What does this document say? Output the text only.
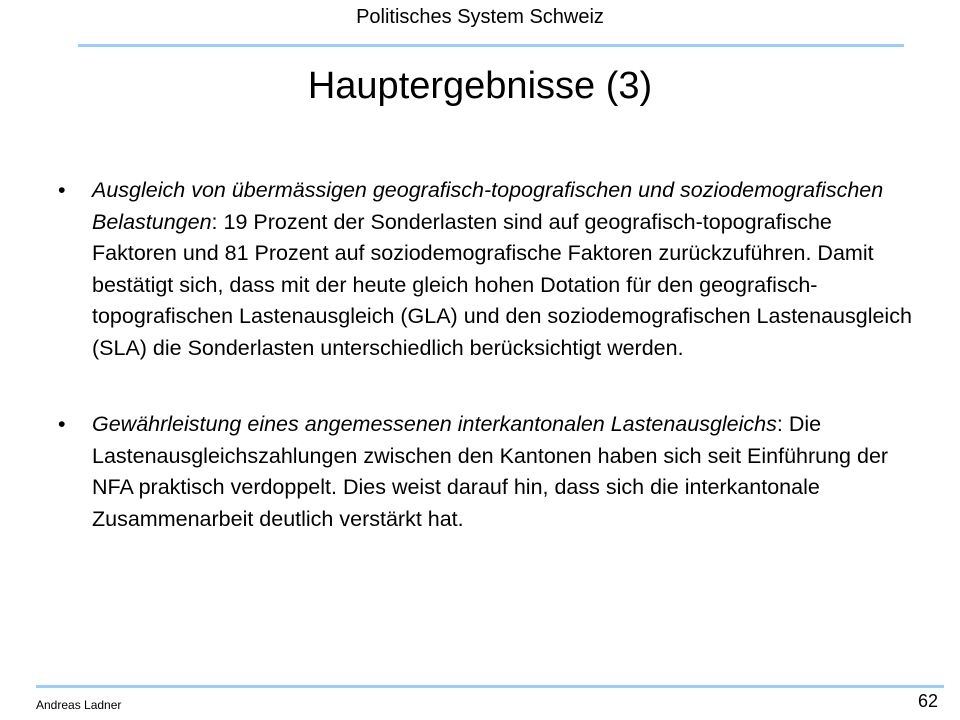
Politisches System Schweiz
Hauptergebnisse (3)
• Ausgleich von übermässigen geografisch-topografischen und soziodemografischen Belastungen: 19 Prozent der Sonderlasten sind auf geografisch-topografische Faktoren und 81 Prozent auf soziodemografische Faktoren zurückzuführen. Damit bestätigt sich, dass mit der heute gleich hohen Dotation für den geografisch-topografischen Lastenausgleich (GLA) und den soziodemografischen Lastenausgleich (SLA) die Sonderlasten unterschiedlich berücksichtigt werden.
• Gewährleistung eines angemessenen interkantonalen Lastenausgleichs: Die Lastenausgleichszahlungen zwischen den Kantonen haben sich seit Einführung der NFA praktisch verdoppelt. Dies weist darauf hin, dass sich die interkantonale Zusammenarbeit deutlich verstärkt hat.
Andreas Ladner	62
